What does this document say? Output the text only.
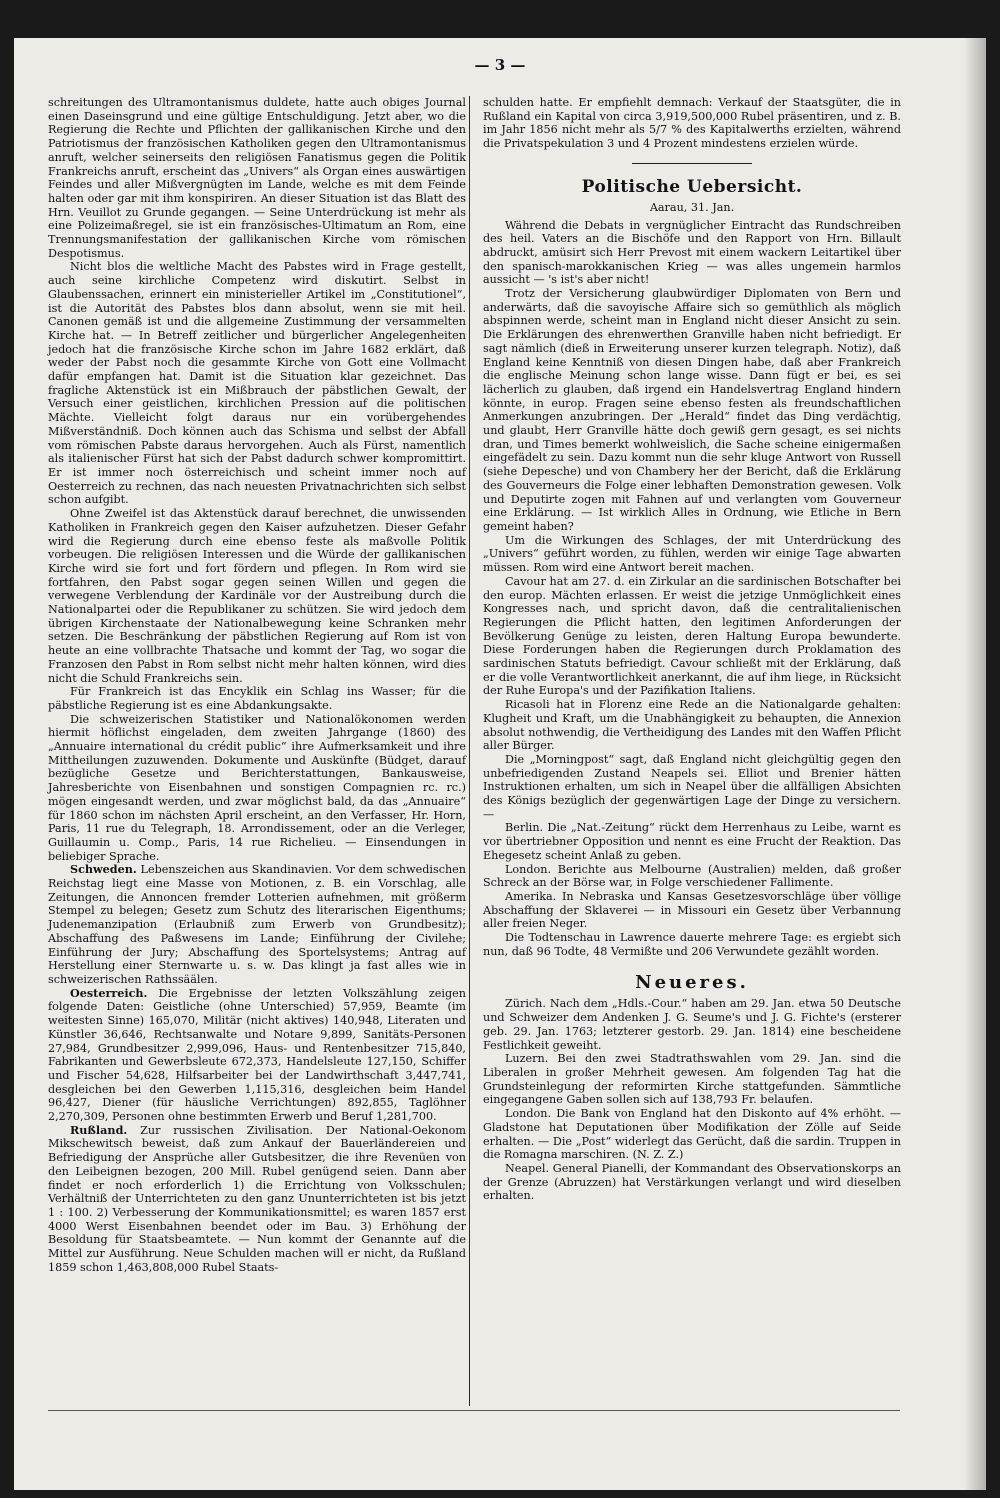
— 3 —

schreitungen des Ultramontanismus duldete, hatte auch obiges Journal einen Daseinsgrund und eine gültige Entschuldigung. Jetzt aber, wo die Regierung die Rechte und Pflichten der gallikanischen Kirche und den Patriotismus der französischen Katholiken gegen den Ultramontanismus anruft, welcher seinerseits den religiösen Fanatismus gegen die Politik Frankreichs anruft, erscheint das „Univers“ als Organ eines auswärtigen Feindes und aller Mißvergnügten im Lande, welche es mit dem Feinde halten oder gar mit ihm konspiriren. An dieser Situation ist das Blatt des Hrn. Veuillot zu Grunde gegangen. — Seine Unterdrückung ist mehr als eine Polizeimaßregel, sie ist ein französisches-Ultimatum an Rom, eine Trennungsmanifestation der gallikanischen Kirche vom römischen Despotismus.

Nicht blos die weltliche Macht des Pabstes wird in Frage gestellt, auch seine kirchliche Competenz wird diskutirt. Selbst in Glaubenssachen, erinnert ein ministerieller Artikel im „Constitutionel“, ist die Autorität des Pabstes blos dann absolut, wenn sie mit heil. Canonen gemäß ist und die allgemeine Zustimmung der versammelten Kirche hat. — In Betreff zeitlicher und bürgerlicher Angelegenheiten jedoch hat die französische Kirche schon im Jahre 1682 erklärt, daß weder der Pabst noch die gesammte Kirche von Gott eine Vollmacht dafür empfangen hat. Damit ist die Situation klar gezeichnet. Das fragliche Aktenstück ist ein Mißbrauch der päbstlichen Gewalt, der Versuch einer geistlichen, kirchlichen Pression auf die politischen Mächte. Vielleicht folgt daraus nur ein vorübergehendes Mißverständniß. Doch können auch das Schisma und selbst der Abfall vom römischen Pabste daraus hervorgehen. Auch als Fürst, namentlich als italienischer Fürst hat sich der Pabst dadurch schwer kompromittirt. Er ist immer noch österreichisch und scheint immer noch auf Oesterreich zu rechnen, das nach neuesten Privatnachrichten sich selbst schon aufgibt.

Ohne Zweifel ist das Aktenstück darauf berechnet, die unwissenden Katholiken in Frankreich gegen den Kaiser aufzuhetzen. Dieser Gefahr wird die Regierung durch eine ebenso feste als maßvolle Politik vorbeugen. Die religiösen Interessen und die Würde der gallikanischen Kirche wird sie fort und fort fördern und pflegen. In Rom wird sie fortfahren, den Pabst sogar gegen seinen Willen und gegen die verwegene Verblendung der Kardinäle vor der Austreibung durch die Nationalpartei oder die Republikaner zu schützen. Sie wird jedoch dem übrigen Kirchenstaate der Nationalbewegung keine Schranken mehr setzen. Die Beschränkung der päbstlichen Regierung auf Rom ist von heute an eine vollbrachte Thatsache und kommt der Tag, wo sogar die Franzosen den Pabst in Rom selbst nicht mehr halten können, wird dies nicht die Schuld Frankreichs sein.

Für Frankreich ist das Encyklik ein Schlag ins Wasser; für die päbstliche Regierung ist es eine Abdankungsakte.

Die schweizerischen Statistiker und Nationalökonomen werden hiermit höflichst eingeladen, dem zweiten Jahrgange (1860) des „Annuaire international du crédit public“ ihre Aufmerksamkeit und ihre Mittheilungen zuzuwenden. Dokumente und Auskünfte (Büdget, darauf bezügliche Gesetze und Berichterstattungen, Bankausweise, Jahresberichte von Eisenbahnen und sonstigen Compagnien rc. rc.) mögen eingesandt werden, und zwar möglichst bald, da das „Annuaire“ für 1860 schon im nächsten April erscheint, an den Verfasser, Hr. Horn, Paris, 11 rue du Telegraph, 18. Arrondissement, oder an die Verleger, Guillaumin u. Comp., Paris, 14 rue Richelieu. — Einsendungen in beliebiger Sprache.

Schweden. Lebenszeichen aus Skandinavien. Vor dem schwedischen Reichstag liegt eine Masse von Motionen, z. B. ein Vorschlag, alle Zeitungen, die Annoncen fremder Lotterien aufnehmen, mit größerm Stempel zu belegen; Gesetz zum Schutz des literarischen Eigenthums; Judenemanzipation (Erlaubniß zum Erwerb von Grundbesitz); Abschaffung des Paßwesens im Lande; Einführung der Civilehe; Einführung der Jury; Abschaffung des Sportelsystems; Antrag auf Herstellung einer Sternwarte u. s. w. Das klingt ja fast alles wie in schweizerischen Rathssäälen.

Oesterreich. Die Ergebnisse der letzten Volkszählung zeigen folgende Daten: Geistliche (ohne Unterschied) 57,959, Beamte (im weitesten Sinne) 165,070, Militär (nicht aktives) 140,948, Literaten und Künstler 36,646, Rechtsanwalte und Notare 9,899, Sanitäts-Personen 27,984, Grundbesitzer 2,999,096, Haus- und Rentenbesitzer 715,840, Fabrikanten und Gewerbsleute 672,373, Handelsleute 127,150, Schiffer und Fischer 54,628, Hilfsarbeiter bei der Landwirthschaft 3,447,741, desgleichen bei den Gewerben 1,115,316, desgleichen beim Handel 96,427, Diener (für häusliche Verrichtungen) 892,855, Taglöhner 2,270,309, Personen ohne bestimmten Erwerb und Beruf 1,281,700.

Rußland. Zur russischen Zivilisation. Der National-Oekonom Mikschewitsch beweist, daß zum Ankauf der Bauerländereien und Befriedigung der Ansprüche aller Gutsbesitzer, die ihre Revenüen von den Leibeignen bezogen, 200 Mill. Rubel genügend seien. Dann aber findet er noch erforderlich 1) die Errichtung von Volksschulen; Verhältniß der Unterrichteten zu den ganz Ununterrichteten ist bis jetzt 1 : 100. 2) Verbesserung der Kommunikationsmittel; es waren 1857 erst 4000 Werst Eisenbahnen beendet oder im Bau. 3) Erhöhung der Besoldung für Staatsbeamtete. — Nun kommt der Genannte auf die Mittel zur Ausführung. Neue Schulden machen will er nicht, da Rußland 1859 schon 1,463,808,000 Rubel Staats-

schulden hatte. Er empfiehlt demnach: Verkauf der Staatsgüter, die in Rußland ein Kapital von circa 3,919,500,000 Rubel präsentiren, und z. B. im Jahr 1856 nicht mehr als 5/7 % des Kapitalwerths erzielten, während die Privatspekulation 3 und 4 Prozent mindestens erzielen würde.

Politische Uebersicht.
Aarau, 31. Jan.

Während die Debats in vergnüglicher Eintracht das Rundschreiben des heil. Vaters an die Bischöfe und den Rapport von Hrn. Billault abdruckt, amüsirt sich Herr Prevost mit einem wackern Leitartikel über den spanisch-marokkanischen Krieg — was alles ungemein harmlos aussicht — 's ist's aber nicht!

Trotz der Versicherung glaubwürdiger Diplomaten von Bern und anderwärts, daß die savoyische Affaire sich so gemüthlich als möglich abspinnen werde, scheint man in England nicht dieser Ansicht zu sein. Die Erklärungen des ehrenwerthen Granville haben nicht befriedigt. Er sagt nämlich (dieß in Erweiterung unserer kurzen telegraph. Notiz), daß England keine Kenntniß von diesen Dingen habe, daß aber Frankreich die englische Meinung schon lange wisse. Dann fügt er bei, es sei lächerlich zu glauben, daß irgend ein Handelsvertrag England hindern könnte, in europ. Fragen seine ebenso festen als freundschaftlichen Anmerkungen anzubringen. Der „Herald“ findet das Ding verdächtig, und glaubt, Herr Granville hätte doch gewiß gern gesagt, es sei nichts dran, und Times bemerkt wohlweislich, die Sache scheine einigermaßen eingefädelt zu sein. Dazu kommt nun die sehr kluge Antwort von Russell (siehe Depesche) und von Chambery her der Bericht, daß die Erklärung des Gouverneurs die Folge einer lebhaften Demonstration gewesen. Volk und Deputirte zogen mit Fahnen auf und verlangten vom Gouverneur eine Erklärung. — Ist wirklich Alles in Ordnung, wie Etliche in Bern gemeint haben?

Um die Wirkungen des Schlages, der mit Unterdrückung des „Univers“ geführt worden, zu fühlen, werden wir einige Tage abwarten müssen. Rom wird eine Antwort bereit machen.

Cavour hat am 27. d. ein Zirkular an die sardinischen Botschafter bei den europ. Mächten erlassen. Er weist die jetzige Unmöglichkeit eines Kongresses nach, und spricht davon, daß die centralitalienischen Regierungen die Pflicht hatten, den legitimen Anforderungen der Bevölkerung Genüge zu leisten, deren Haltung Europa bewunderte. Diese Forderungen haben die Regierungen durch Proklamation des sardinischen Statuts befriedigt. Cavour schließt mit der Erklärung, daß er die volle Verantwortlichkeit anerkannt, die auf ihm liege, in Rücksicht der Ruhe Europa's und der Pazifikation Italiens.

Ricasoli hat in Florenz eine Rede an die Nationalgarde gehalten: Klugheit und Kraft, um die Unabhängigkeit zu behaupten, die Annexion absolut nothwendig, die Vertheidigung des Landes mit den Waffen Pflicht aller Bürger.

Die „Morningpost“ sagt, daß England nicht gleichgültig gegen den unbefriedigenden Zustand Neapels sei. Elliot und Brenier hätten Instruktionen erhalten, um sich in Neapel über die allfälligen Absichten des Königs bezüglich der gegenwärtigen Lage der Dinge zu versichern. —

Berlin. Die „Nat.-Zeitung“ rückt dem Herrenhaus zu Leibe, warnt es vor übertriebner Opposition und nennt es eine Frucht der Reaktion. Das Ehegesetz scheint Anlaß zu geben.

London. Berichte aus Melbourne (Australien) melden, daß großer Schreck an der Börse war, in Folge verschiedener Fallimente.

Amerika. In Nebraska und Kansas Gesetzesvorschläge über völlige Abschaffung der Sklaverei — in Missouri ein Gesetz über Verbannung aller freien Neger.

Die Todtenschau in Lawrence dauerte mehrere Tage: es ergiebt sich nun, daß 96 Todte, 48 Vermißte und 206 Verwundete gezählt worden.

Neueres.

Zürich. Nach dem „Hdls.-Cour.“ haben am 29. Jan. etwa 50 Deutsche und Schweizer dem Andenken J. G. Seume's und J. G. Fichte's (ersterer geb. 29. Jan. 1763; letzterer gestorb. 29. Jan. 1814) eine bescheidene Festlichkeit geweiht.

Luzern. Bei den zwei Stadtrathswahlen vom 29. Jan. sind die Liberalen in großer Mehrheit gewesen. Am folgenden Tag hat die Grundsteinlegung der reformirten Kirche stattgefunden. Sämmtliche eingegangene Gaben sollen sich auf 138,793 Fr. belaufen.

London. Die Bank von England hat den Diskonto auf 4% erhöht. — Gladstone hat Deputationen über Modifikation der Zölle auf Seide erhalten. — Die „Post“ widerlegt das Gerücht, daß die sardin. Truppen in die Romagna marschiren. (N. Z. Z.)

Neapel. General Pianelli, der Kommandant des Observationskorps an der Grenze (Abruzzen) hat Verstärkungen verlangt und wird dieselben erhalten.
